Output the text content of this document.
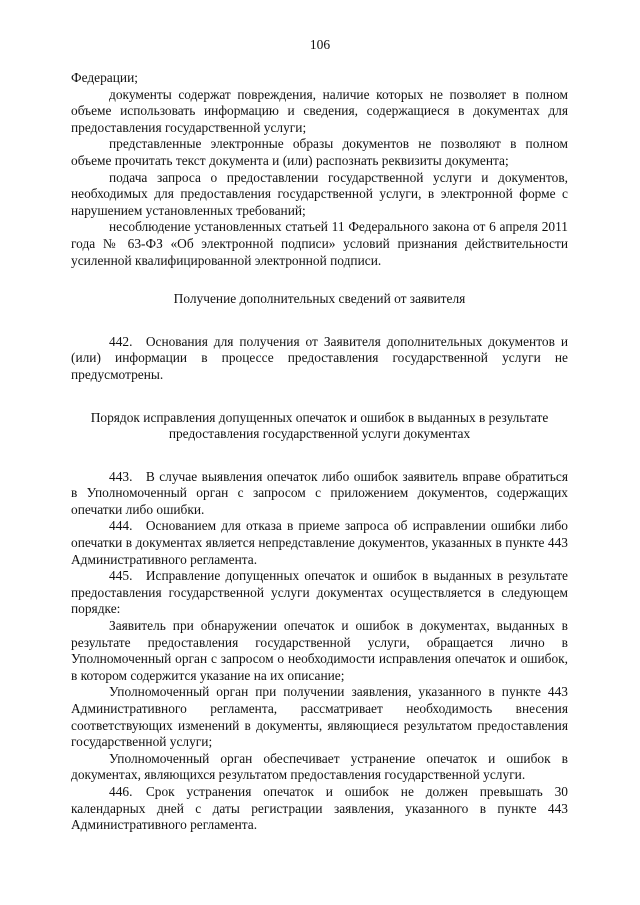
106

Федерации;

документы содержат повреждения, наличие которых не позволяет в полном объеме использовать информацию и сведения, содержащиеся в документах для предоставления государственной услуги;

представленные электронные образы документов не позволяют в полном объеме прочитать текст документа и (или) распознать реквизиты документа;

подача запроса о предоставлении государственной услуги и документов, необходимых для предоставления государственной услуги, в электронной форме с нарушением установленных требований;

несоблюдение установленных статьей 11 Федерального закона от 6 апреля 2011 года № 63-ФЗ «Об электронной подписи» условий признания действительности усиленной квалифицированной электронной подписи.

Получение дополнительных сведений от заявителя

442. Основания для получения от Заявителя дополнительных документов и (или) информации в процессе предоставления государственной услуги не предусмотрены.

Порядок исправления допущенных опечаток и ошибок в выданных в результате предоставления государственной услуги документах

443. В случае выявления опечаток либо ошибок заявитель вправе обратиться в Уполномоченный орган с запросом с приложением документов, содержащих опечатки либо ошибки.

444. Основанием для отказа в приеме запроса об исправлении ошибки либо опечатки в документах является непредставление документов, указанных в пункте 443 Административного регламента.

445. Исправление допущенных опечаток и ошибок в выданных в результате предоставления государственной услуги документах осуществляется в следующем порядке:

Заявитель при обнаружении опечаток и ошибок в документах, выданных в результате предоставления государственной услуги, обращается лично в Уполномоченный орган с запросом о необходимости исправления опечаток и ошибок, в котором содержится указание на их описание;

Уполномоченный орган при получении заявления, указанного в пункте 443 Административного регламента, рассматривает необходимость внесения соответствующих изменений в документы, являющиеся результатом предоставления государственной услуги;

Уполномоченный орган обеспечивает устранение опечаток и ошибок в документах, являющихся результатом предоставления государственной услуги.

446. Срок устранения опечаток и ошибок не должен превышать 30 календарных дней с даты регистрации заявления, указанного в пункте 443 Административного регламента.
